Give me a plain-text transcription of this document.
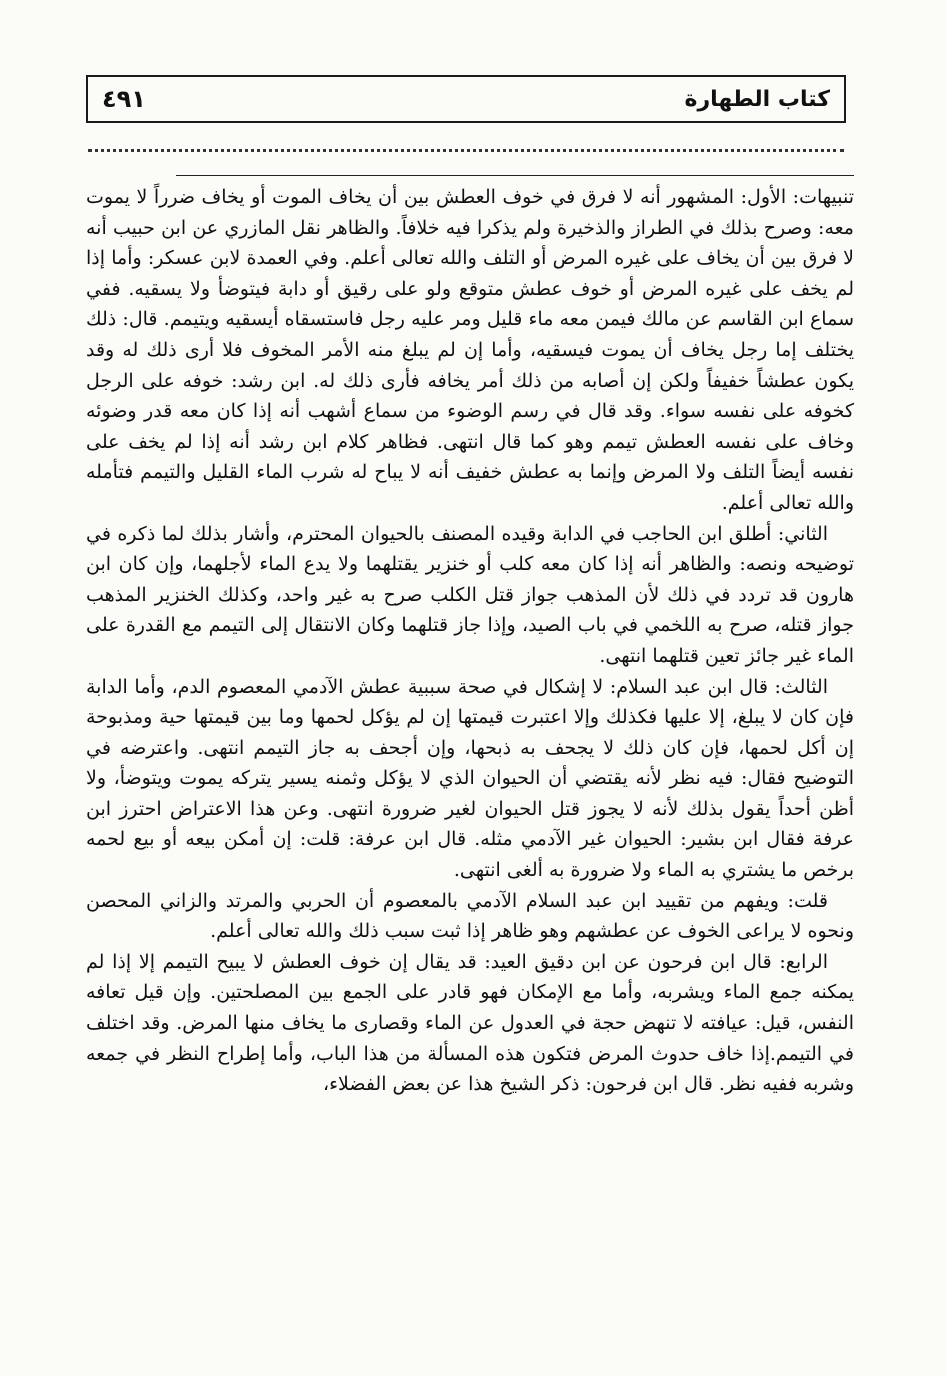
٤٩١	كتاب الطهارة

تنبيهات: الأول: المشهور أنه لا فرق في خوف العطش بين أن يخاف الموت أو يخاف ضرراً لا يموت معه: وصرح بذلك في الطراز والذخيرة ولم يذكرا فيه خلافاً. والظاهر نقل المازري عن ابن حبيب أنه لا فرق بين أن يخاف على غيره المرض أو التلف والله تعالى أعلم. وفي العمدة لابن عسكر: وأما إذا لم يخف على غيره المرض أو خوف عطش متوقع ولو على رقيق أو دابة فيتوضأ ولا يسقيه. ففي سماع ابن القاسم عن مالك فيمن معه ماء قليل ومر عليه رجل فاستسقاه أيسقيه ويتيمم. قال: ذلك يختلف إما رجل يخاف أن يموت فيسقيه، وأما إن لم يبلغ منه الأمر المخوف فلا أرى ذلك له وقد يكون عطشاً خفيفاً ولكن إن أصابه من ذلك أمر يخافه فأرى ذلك له. ابن رشد: خوفه على الرجل كخوفه على نفسه سواء. وقد قال في رسم الوضوء من سماع أشهب أنه إذا كان معه قدر وضوئه وخاف على نفسه العطش تيمم وهو كما قال انتهى. فظاهر كلام ابن رشد أنه إذا لم يخف على نفسه أيضاً التلف ولا المرض وإنما به عطش خفيف أنه لا يباح له شرب الماء القليل والتيمم فتأمله والله تعالى أعلم.

الثاني: أطلق ابن الحاجب في الدابة وقيده المصنف بالحيوان المحترم، وأشار بذلك لما ذكره في توضيحه ونصه: والظاهر أنه إذا كان معه كلب أو خنزير يقتلهما ولا يدع الماء لأجلهما، وإن كان ابن هارون قد تردد في ذلك لأن المذهب جواز قتل الكلب صرح به غير واحد، وكذلك الخنزير المذهب جواز قتله، صرح به اللخمي في باب الصيد، وإذا جاز قتلهما وكان الانتقال إلى التيمم مع القدرة على الماء غير جائز تعين قتلهما انتهى.

الثالث: قال ابن عبد السلام: لا إشكال في صحة سببية عطش الآدمي المعصوم الدم، وأما الدابة فإن كان لا يبلغ، إلا عليها فكذلك وإلا اعتبرت قيمتها إن لم يؤكل لحمها وما بين قيمتها حية ومذبوحة إن أكل لحمها، فإن كان ذلك لا يجحف به ذبحها، وإن أجحف به جاز التيمم انتهى. واعترضه في التوضيح فقال: فيه نظر لأنه يقتضي أن الحيوان الذي لا يؤكل وثمنه يسير يتركه يموت ويتوضأ، ولا أظن أحداً يقول بذلك لأنه لا يجوز قتل الحيوان لغير ضرورة انتهى. وعن هذا الاعتراض احترز ابن عرفة فقال ابن بشير: الحيوان غير الآدمي مثله. قال ابن عرفة: قلت: إن أمكن بيعه أو بيع لحمه برخص ما يشتري به الماء ولا ضرورة به ألغى انتهى.

قلت: ويفهم من تقييد ابن عبد السلام الآدمي بالمعصوم أن الحربي والمرتد والزاني المحصن ونحوه لا يراعى الخوف عن عطشهم وهو ظاهر إذا ثبت سبب ذلك والله تعالى أعلم.

الرابع: قال ابن فرحون عن ابن دقيق العيد: قد يقال إن خوف العطش لا يبيح التيمم إلا إذا لم يمكنه جمع الماء ويشربه، وأما مع الإمكان فهو قادر على الجمع بين المصلحتين. وإن قيل تعافه النفس، قيل: عيافته لا تنهض حجة في العدول عن الماء وقصارى ما يخاف منها المرض. وقد اختلف في التيمم.إذا خاف حدوث المرض فتكون هذه المسألة من هذا الباب، وأما إطراح النظر في جمعه وشربه ففيه نظر. قال ابن فرحون: ذكر الشيخ هذا عن بعض الفضلاء،
